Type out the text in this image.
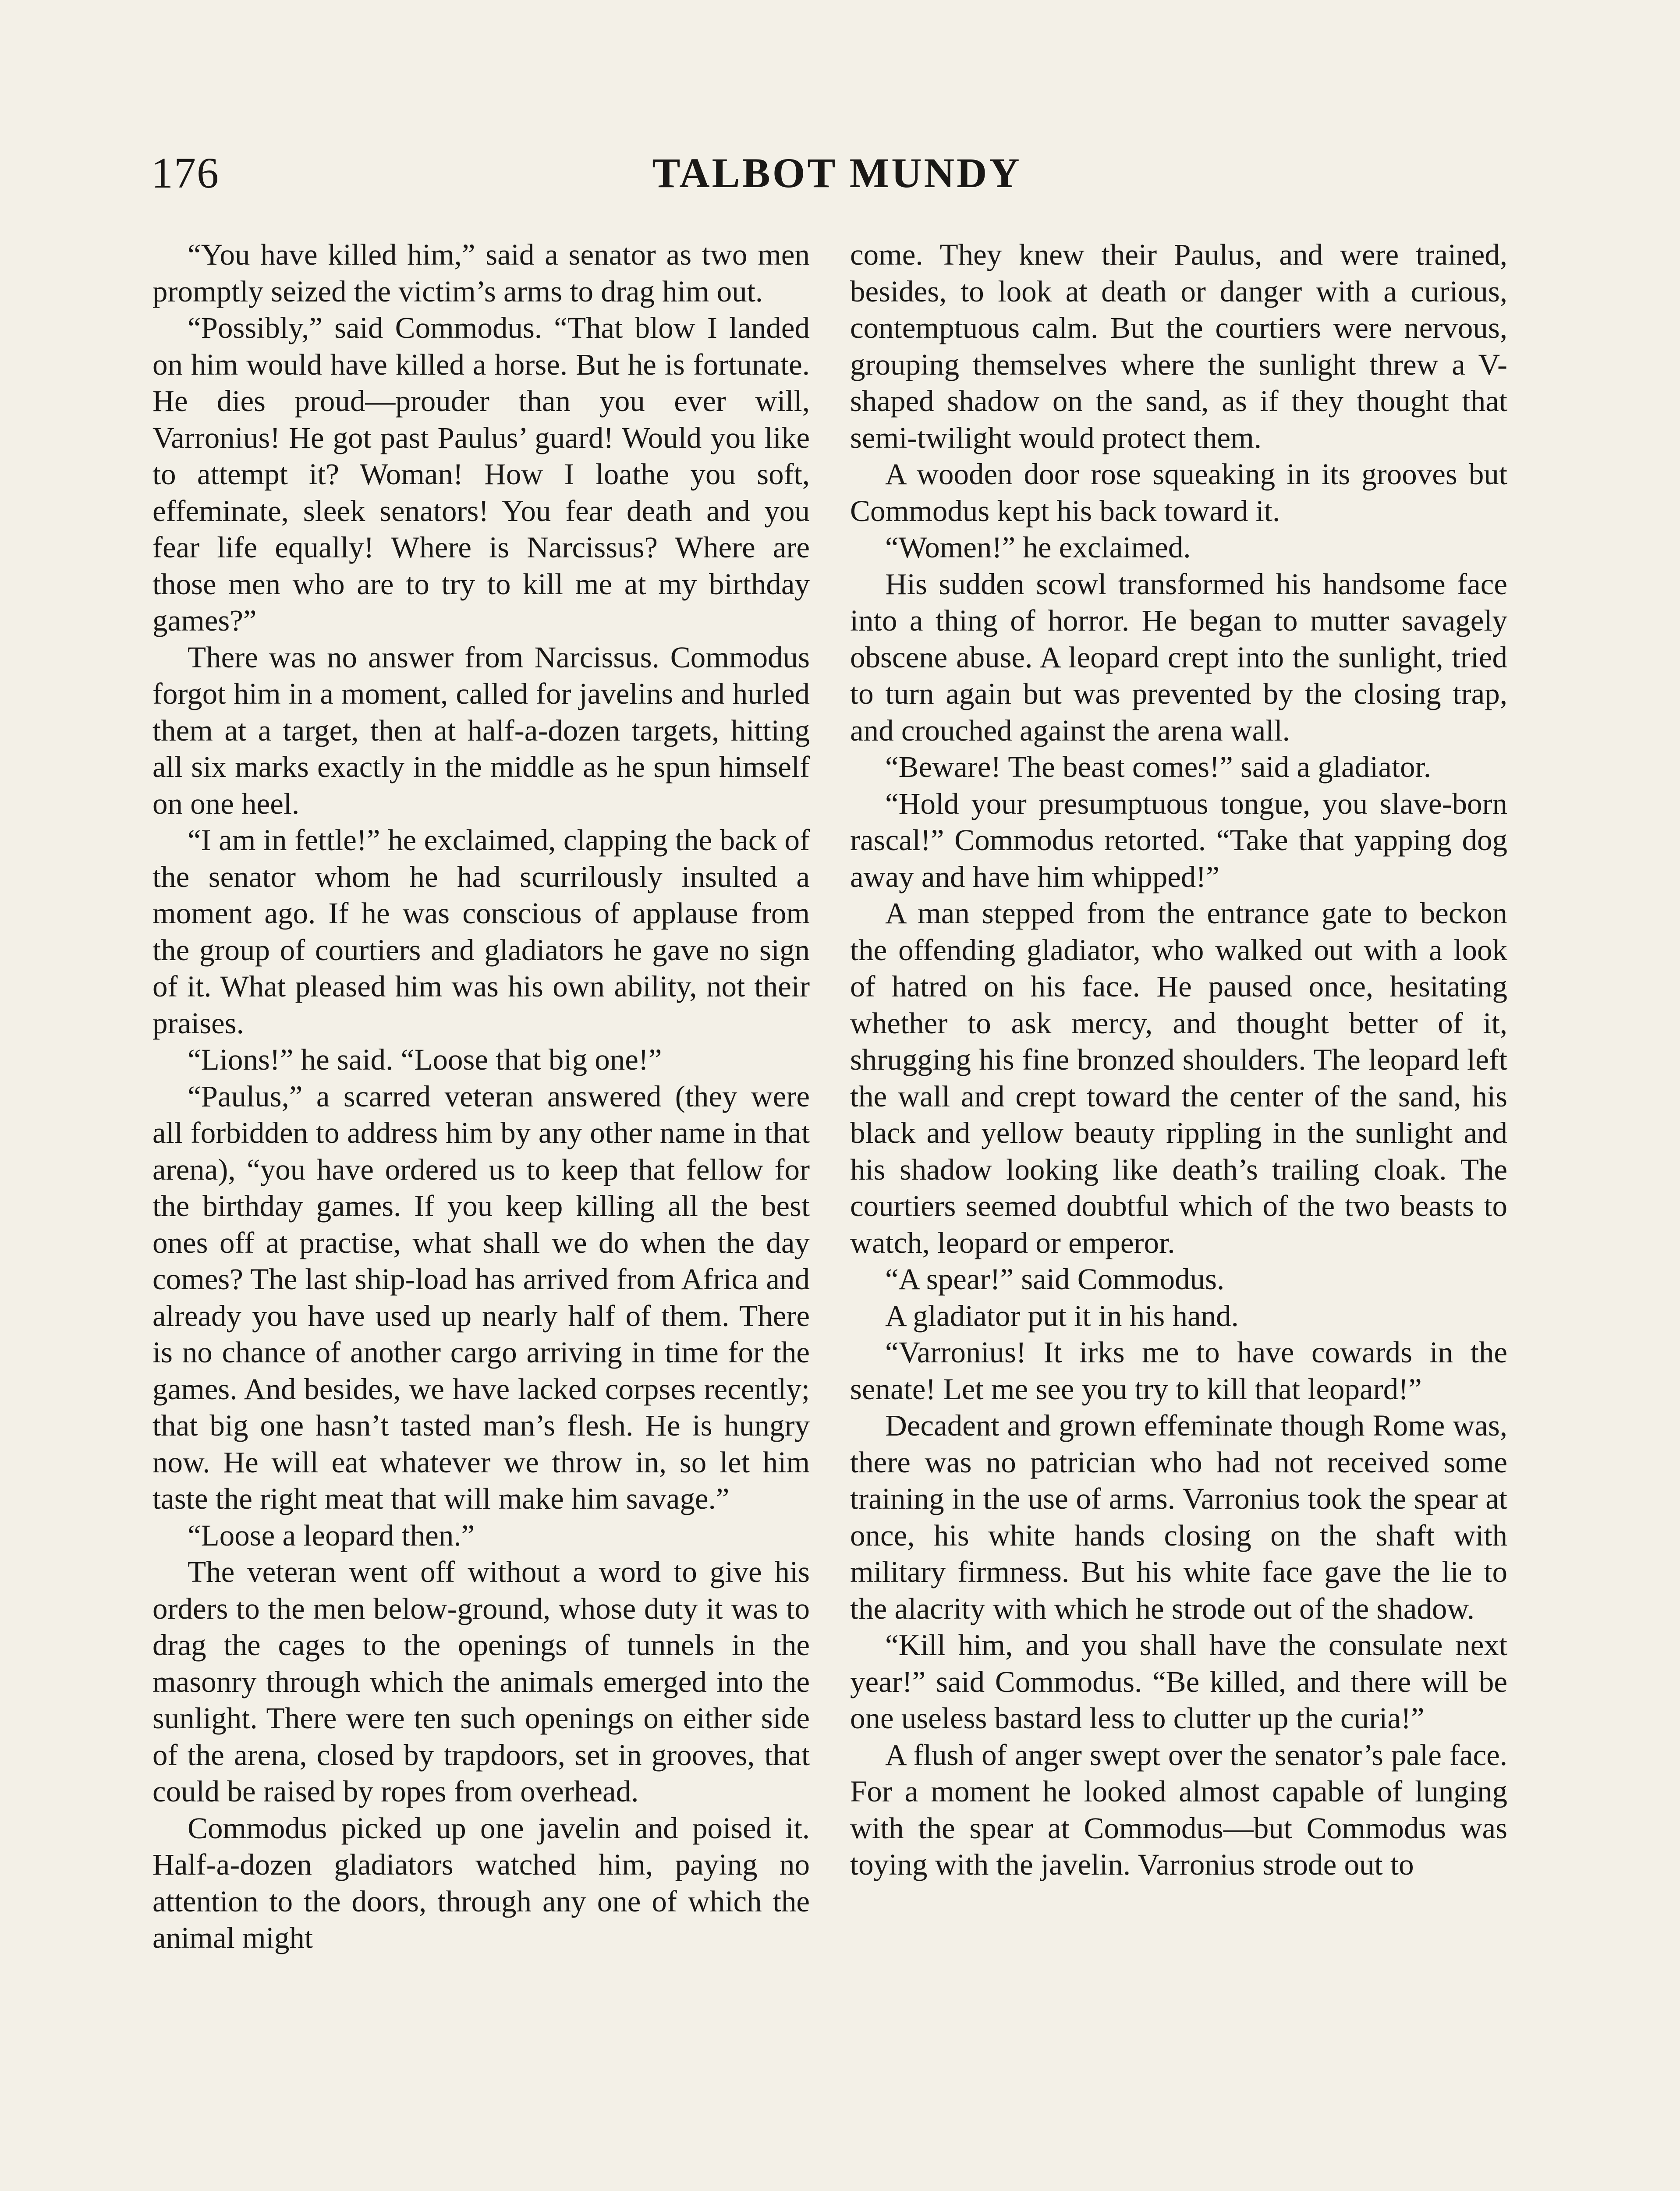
176	TALBOT MUNDY

“You have killed him,” said a senator as two men promptly seized the victim’s arms to drag him out.

“Possibly,” said Commodus. “That blow I landed on him would have killed a horse. But he is fortunate. He dies proud—prouder than you ever will, Varronius! He got past Paulus’ guard! Would you like to attempt it? Woman! How I loathe you soft, effeminate, sleek senators! You fear death and you fear life equally! Where is Narcissus? Where are those men who are to try to kill me at my birthday games?”

There was no answer from Narcissus. Commodus forgot him in a moment, called for javelins and hurled them at a target, then at half-a-dozen targets, hitting all six marks exactly in the middle as he spun himself on one heel.

“I am in fettle!” he exclaimed, clapping the back of the senator whom he had scurrilously insulted a moment ago. If he was conscious of applause from the group of courtiers and gladiators he gave no sign of it. What pleased him was his own ability, not their praises.

“Lions!” he said. “Loose that big one!”

“Paulus,” a scarred veteran answered (they were all forbidden to address him by any other name in that arena), “you have ordered us to keep that fellow for the birthday games. If you keep killing all the best ones off at practise, what shall we do when the day comes? The last ship-load has arrived from Africa and already you have used up nearly half of them. There is no chance of another cargo arriving in time for the games. And besides, we have lacked corpses recently; that big one hasn’t tasted man’s flesh. He is hungry now. He will eat whatever we throw in, so let him taste the right meat that will make him savage.”

“Loose a leopard then.”

The veteran went off without a word to give his orders to the men below-ground, whose duty it was to drag the cages to the openings of tunnels in the masonry through which the animals emerged into the sunlight. There were ten such openings on either side of the arena, closed by trapdoors, set in grooves, that could be raised by ropes from overhead.

Commodus picked up one javelin and poised it. Half-a-dozen gladiators watched him, paying no attention to the doors, through any one of which the animal might

come. They knew their Paulus, and were trained, besides, to look at death or danger with a curious, contemptuous calm. But the courtiers were nervous, grouping themselves where the sunlight threw a V-shaped shadow on the sand, as if they thought that semi-twilight would protect them.

A wooden door rose squeaking in its grooves but Commodus kept his back toward it.

“Women!” he exclaimed.

His sudden scowl transformed his handsome face into a thing of horror. He began to mutter savagely obscene abuse. A leopard crept into the sunlight, tried to turn again but was prevented by the closing trap, and crouched against the arena wall.

“Beware! The beast comes!” said a gladiator.

“Hold your presumptuous tongue, you slave-born rascal!” Commodus retorted. “Take that yapping dog away and have him whipped!”

A man stepped from the entrance gate to beckon the offending gladiator, who walked out with a look of hatred on his face. He paused once, hesitating whether to ask mercy, and thought better of it, shrugging his fine bronzed shoulders. The leopard left the wall and crept toward the center of the sand, his black and yellow beauty rippling in the sunlight and his shadow looking like death’s trailing cloak. The courtiers seemed doubtful which of the two beasts to watch, leopard or emperor.

“A spear!” said Commodus.

A gladiator put it in his hand.

“Varronius! It irks me to have cowards in the senate! Let me see you try to kill that leopard!”

Decadent and grown effeminate though Rome was, there was no patrician who had not received some training in the use of arms. Varronius took the spear at once, his white hands closing on the shaft with military firmness. But his white face gave the lie to the alacrity with which he strode out of the shadow.

“Kill him, and you shall have the consulate next year!” said Commodus. “Be killed, and there will be one useless bastard less to clutter up the curia!”

A flush of anger swept over the senator’s pale face. For a moment he looked almost capable of lunging with the spear at Commodus—but Commodus was toying with the javelin. Varronius strode out to
